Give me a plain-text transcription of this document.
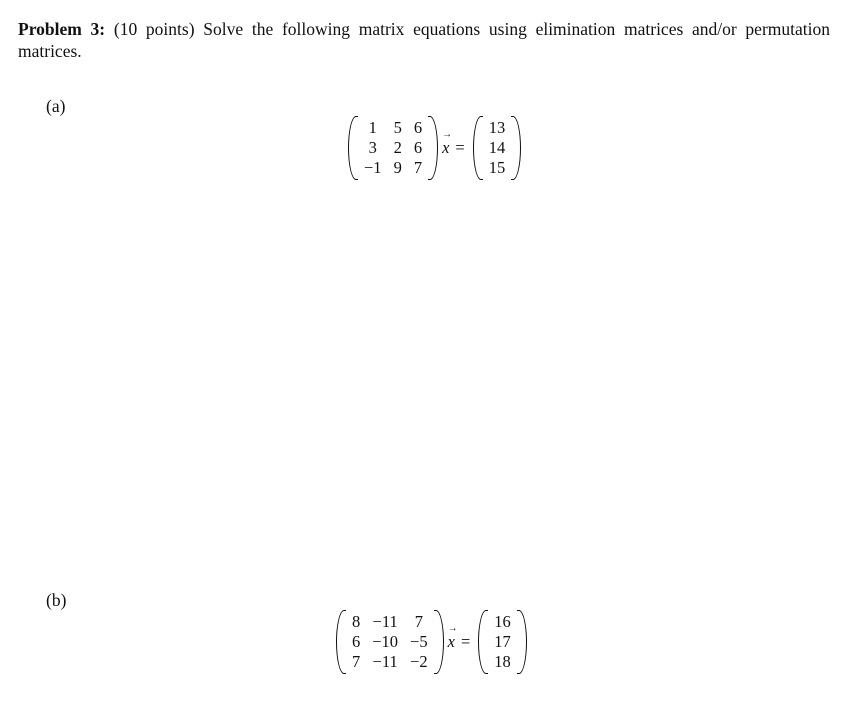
Problem 3: (10 points) Solve the following matrix equations using elimination matrices and/or permutation matrices.
(a)
1	5	6
3	2	6
−1	9	7
→
x =
13
14
15
(b)
8	−11	7
6	−10	−5
7	−11	−2
→
x =
16
17
18
